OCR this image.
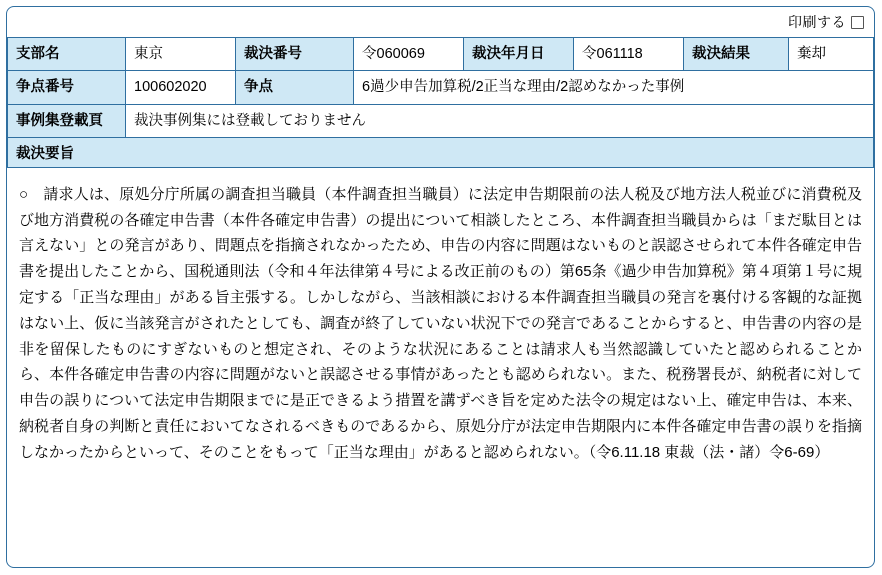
印刷する
支部名	東京	裁決番号	令060069	裁決年月日	令061118	裁決結果	棄却
争点番号	100602020	争点	6過少申告加算税/2正当な理由/2認めなかった事例				
事例集登載頁	裁決事例集には登載しておりません						
裁決要旨
○　請求人は、原処分庁所属の調査担当職員（本件調査担当職員）に法定申告期限前の法人税及び地方法人税並びに消費税及び地方消費税の各確定申告書（本件各確定申告書）の提出について相談したところ、本件調査担当職員からは「まだ駄目とは言えない」との発言があり、問題点を指摘されなかったため、申告の内容に問題はないものと誤認させられて本件各確定申告書を提出したことから、国税通則法（令和４年法律第４号による改正前のもの）第65条《過少申告加算税》第４項第１号に規定する「正当な理由」がある旨主張する。しかしながら、当該相談における本件調査担当職員の発言を裏付ける客観的な証拠はない上、仮に当該発言がされたとしても、調査が終了していない状況下での発言であることからすると、申告書の内容の是非を留保したものにすぎないものと想定され、そのような状況にあることは請求人も当然認識していたと認められることから、本件各確定申告書の内容に問題がないと誤認させる事情があったとも認められない。また、税務署長が、納税者に対して申告の誤りについて法定申告期限までに是正できるよう措置を講ずべき旨を定めた法令の規定はない上、確定申告は、本来、納税者自身の判断と責任においてなされるべきものであるから、原処分庁が法定申告期限内に本件各確定申告書の誤りを指摘しなかったからといって、そのことをもって「正当な理由」があると認められない。（令6.11.18 東裁（法・諸）令6-69）
